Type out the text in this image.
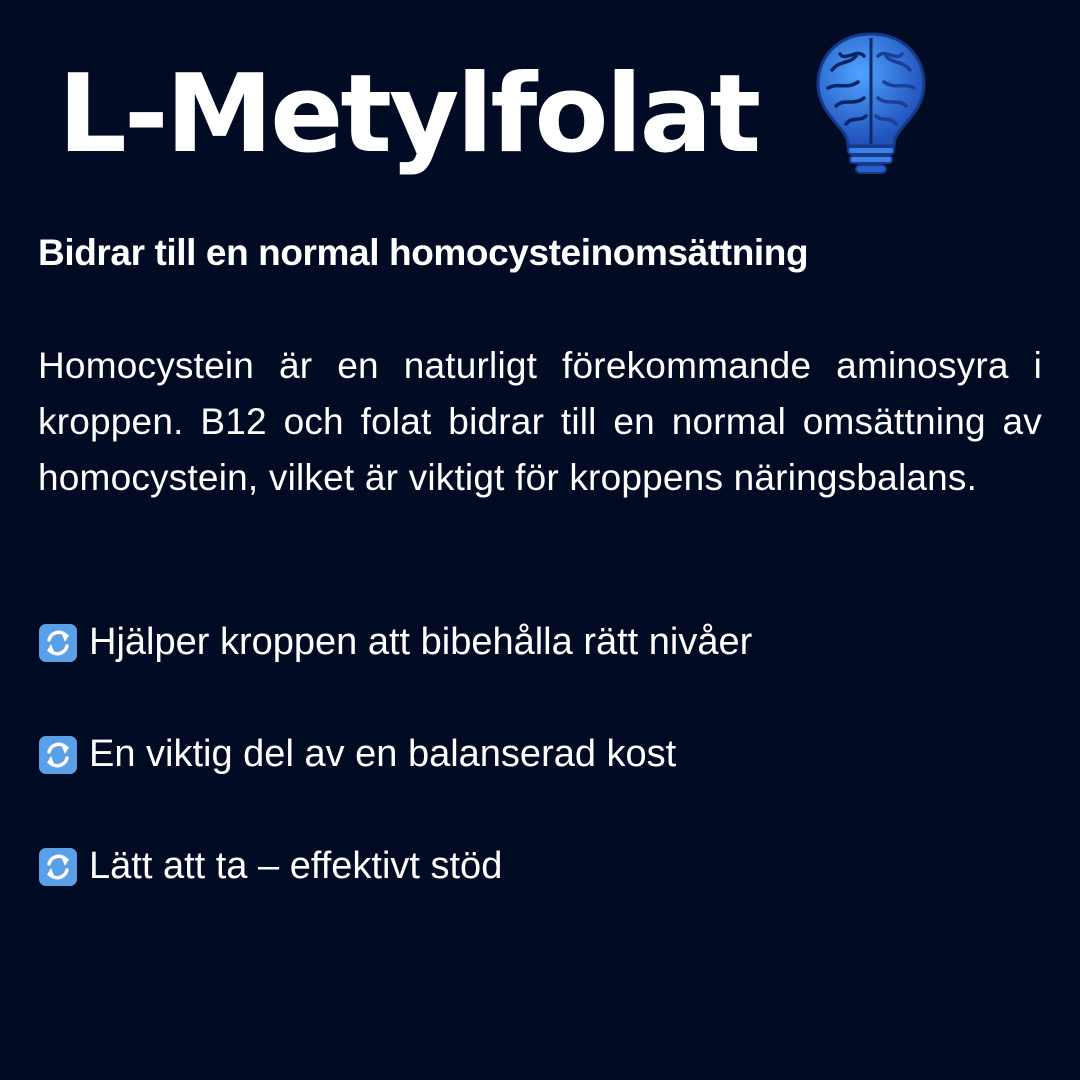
L-Metylfolat
Bidrar till en normal homocysteinomsättning

Homocystein är en naturligt förekommande aminosyra i kroppen. B12 och folat bidrar till en normal omsättning av homocystein, vilket är viktigt för kroppens näringsbalans.

Hjälper kroppen att bibehålla rätt nivåer
En viktig del av en balanserad kost
Lätt att ta – effektivt stöd
